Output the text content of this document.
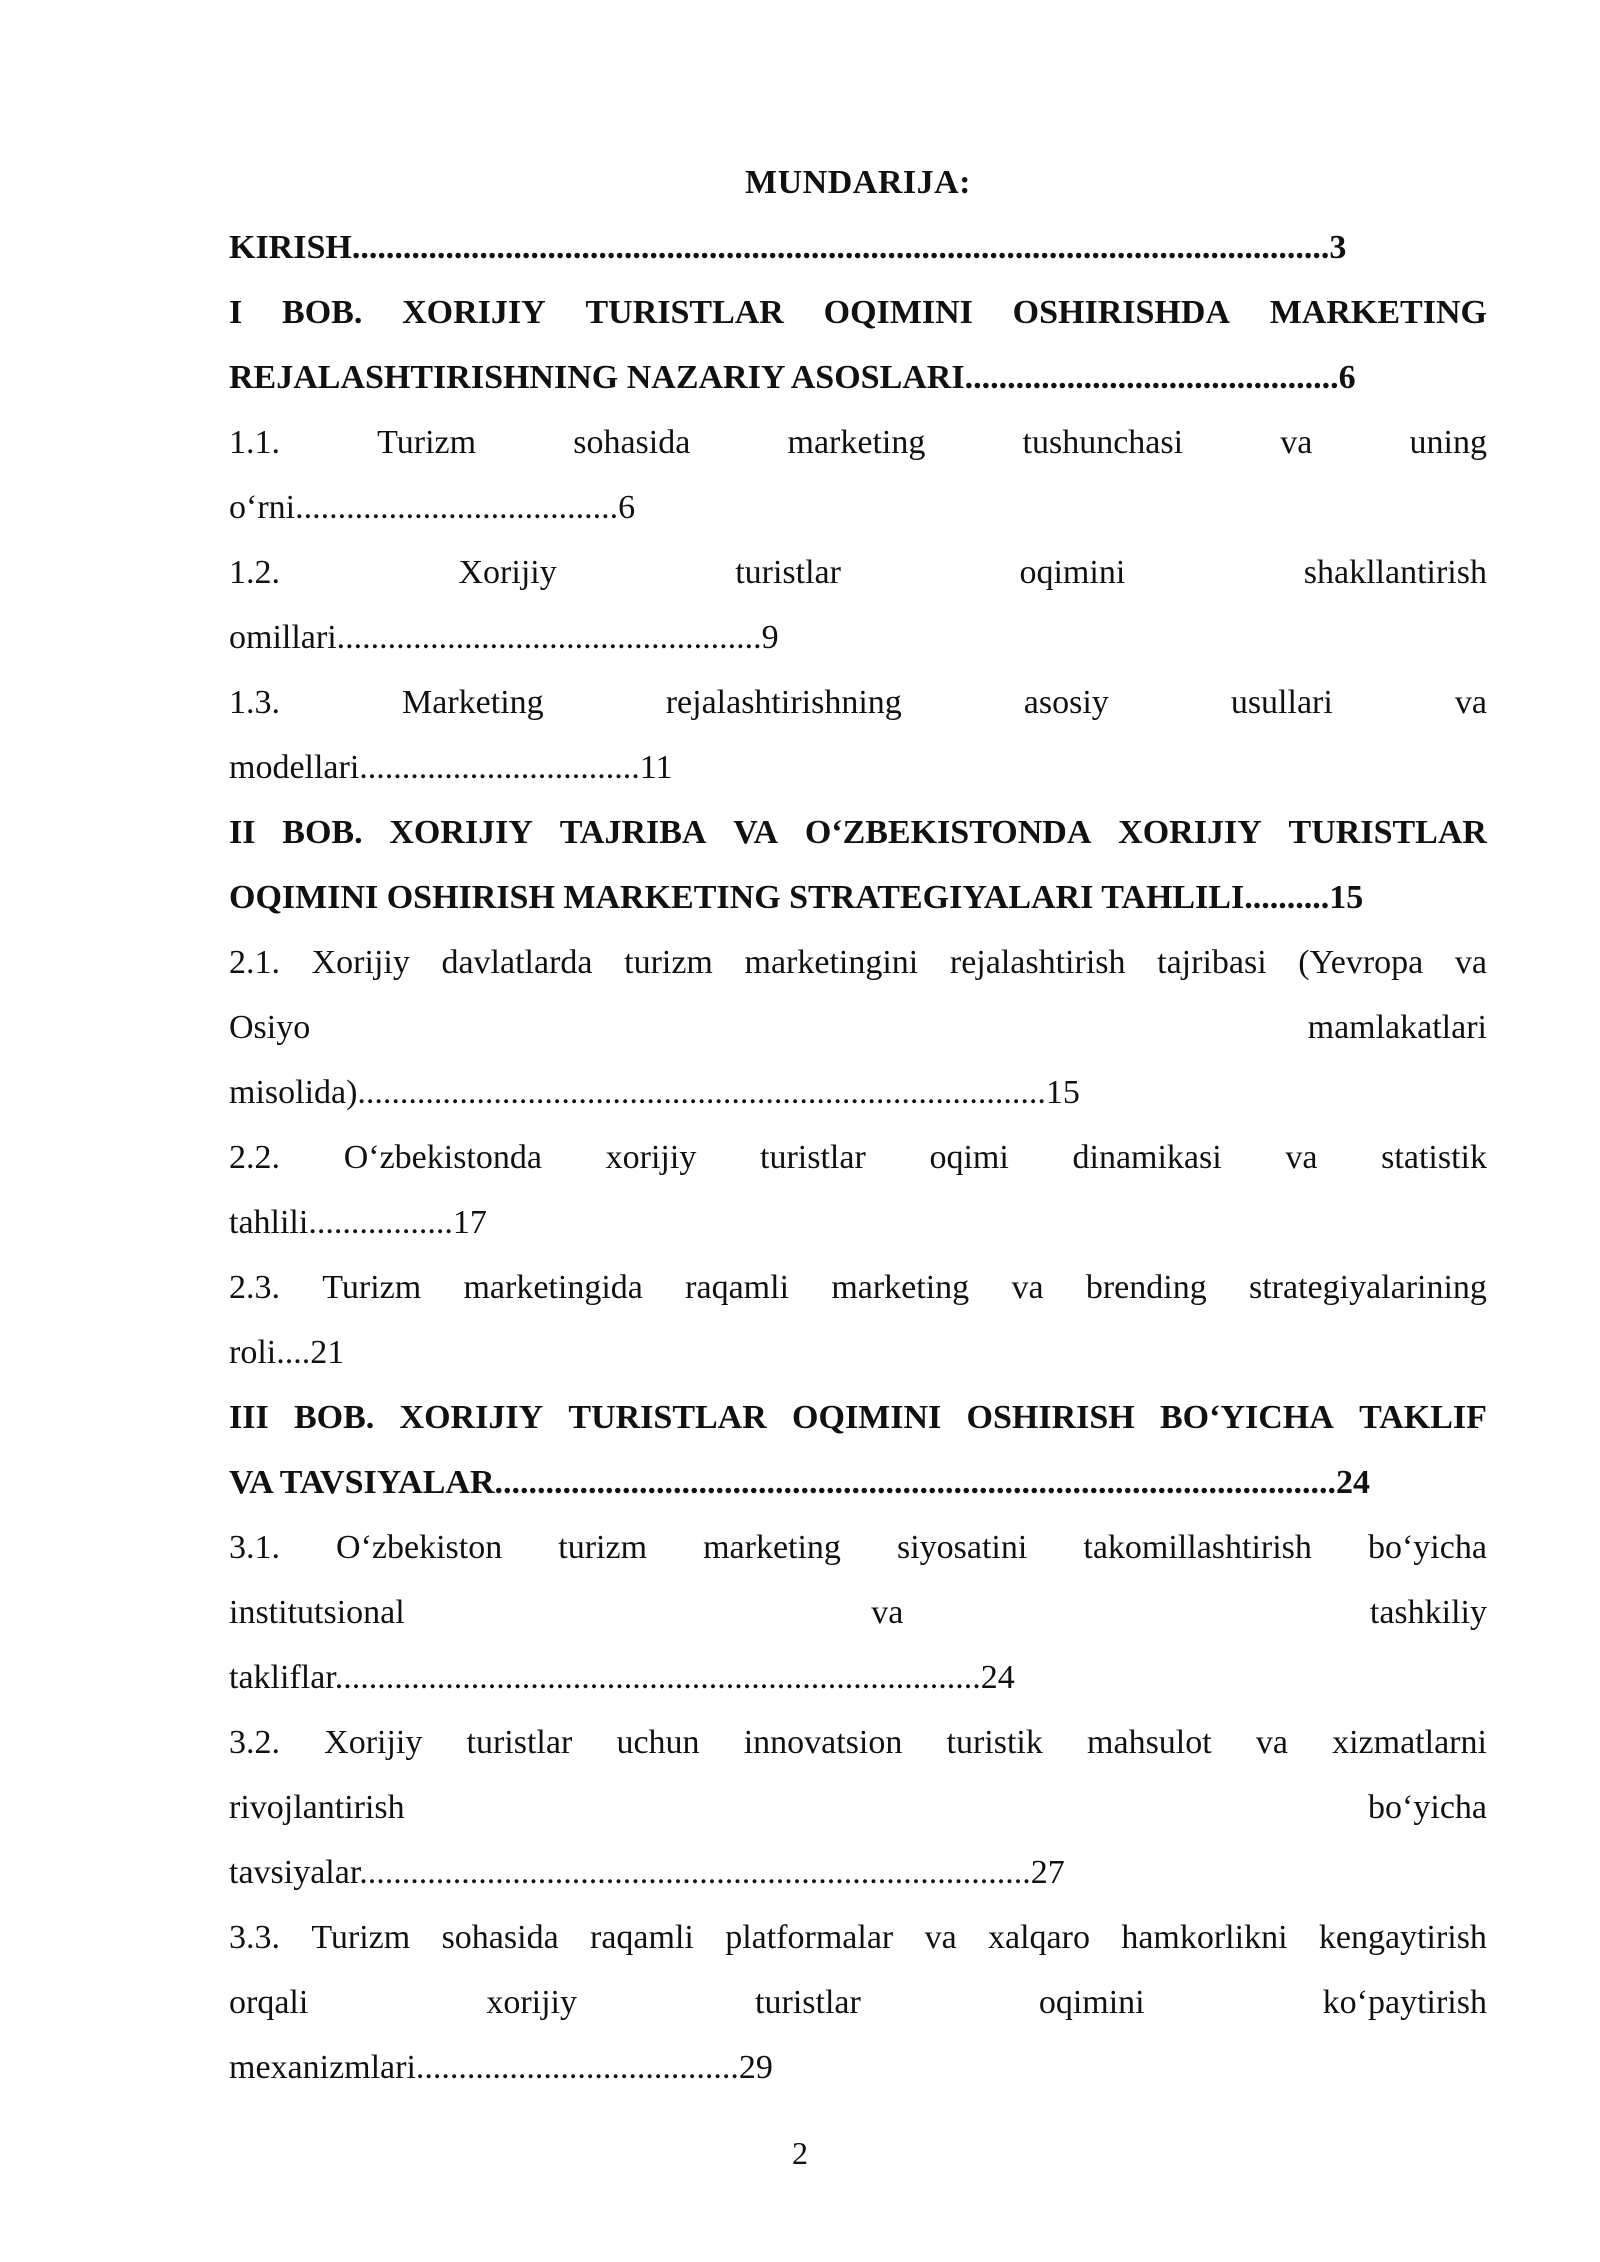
MUNDARIJA:
KIRISH...................................................................................................................3
I BOB. XORIJIY TURISTLAR OQIMINI OSHIRISHDA MARKETING
REJALASHTIRISHNING NAZARIY ASOSLARI............................................6
1.1.	Turizm	sohasida	marketing	tushunchasi	va	uning
o‘rni......................................6
1.2.	Xorijiy	turistlar	oqimini	shakllantirish
omillari..................................................9
1.3.	Marketing	rejalashtirishning	asosiy	usullari	va
modellari.................................11
II BOB. XORIJIY TAJRIBA VA O‘ZBEKISTONDA XORIJIY TURISTLAR
OQIMINI OSHIRISH MARKETING STRATEGIYALARI TAHLILI..........15
2.1. Xorijiy davlatlarda turizm marketingini rejalashtirish tajribasi (Yevropa va
Osiyo	mamlakatlari
misolida).................................................................................15
2.2. O‘zbekistonda xorijiy turistlar oqimi dinamikasi va statistik
tahlili.................17
2.3. Turizm marketingida raqamli marketing va brending strategiyalarining
roli....21
III BOB. XORIJIY TURISTLAR OQIMINI OSHIRISH BO‘YICHA TAKLIF
VA TAVSIYALAR...................................................................................................24
3.1. O‘zbekiston turizm marketing siyosatini takomillashtirish bo‘yicha
institutsional	va	tashkiliy
takliflar............................................................................24
3.2. Xorijiy turistlar uchun innovatsion turistik mahsulot va xizmatlarni
rivojlantirish	bo‘yicha
tavsiyalar...............................................................................27
3.3. Turizm sohasida raqamli platformalar va xalqaro hamkorlikni kengaytirish
orqali	xorijiy	turistlar	oqimini	ko‘paytirish
mexanizmlari......................................29
2
